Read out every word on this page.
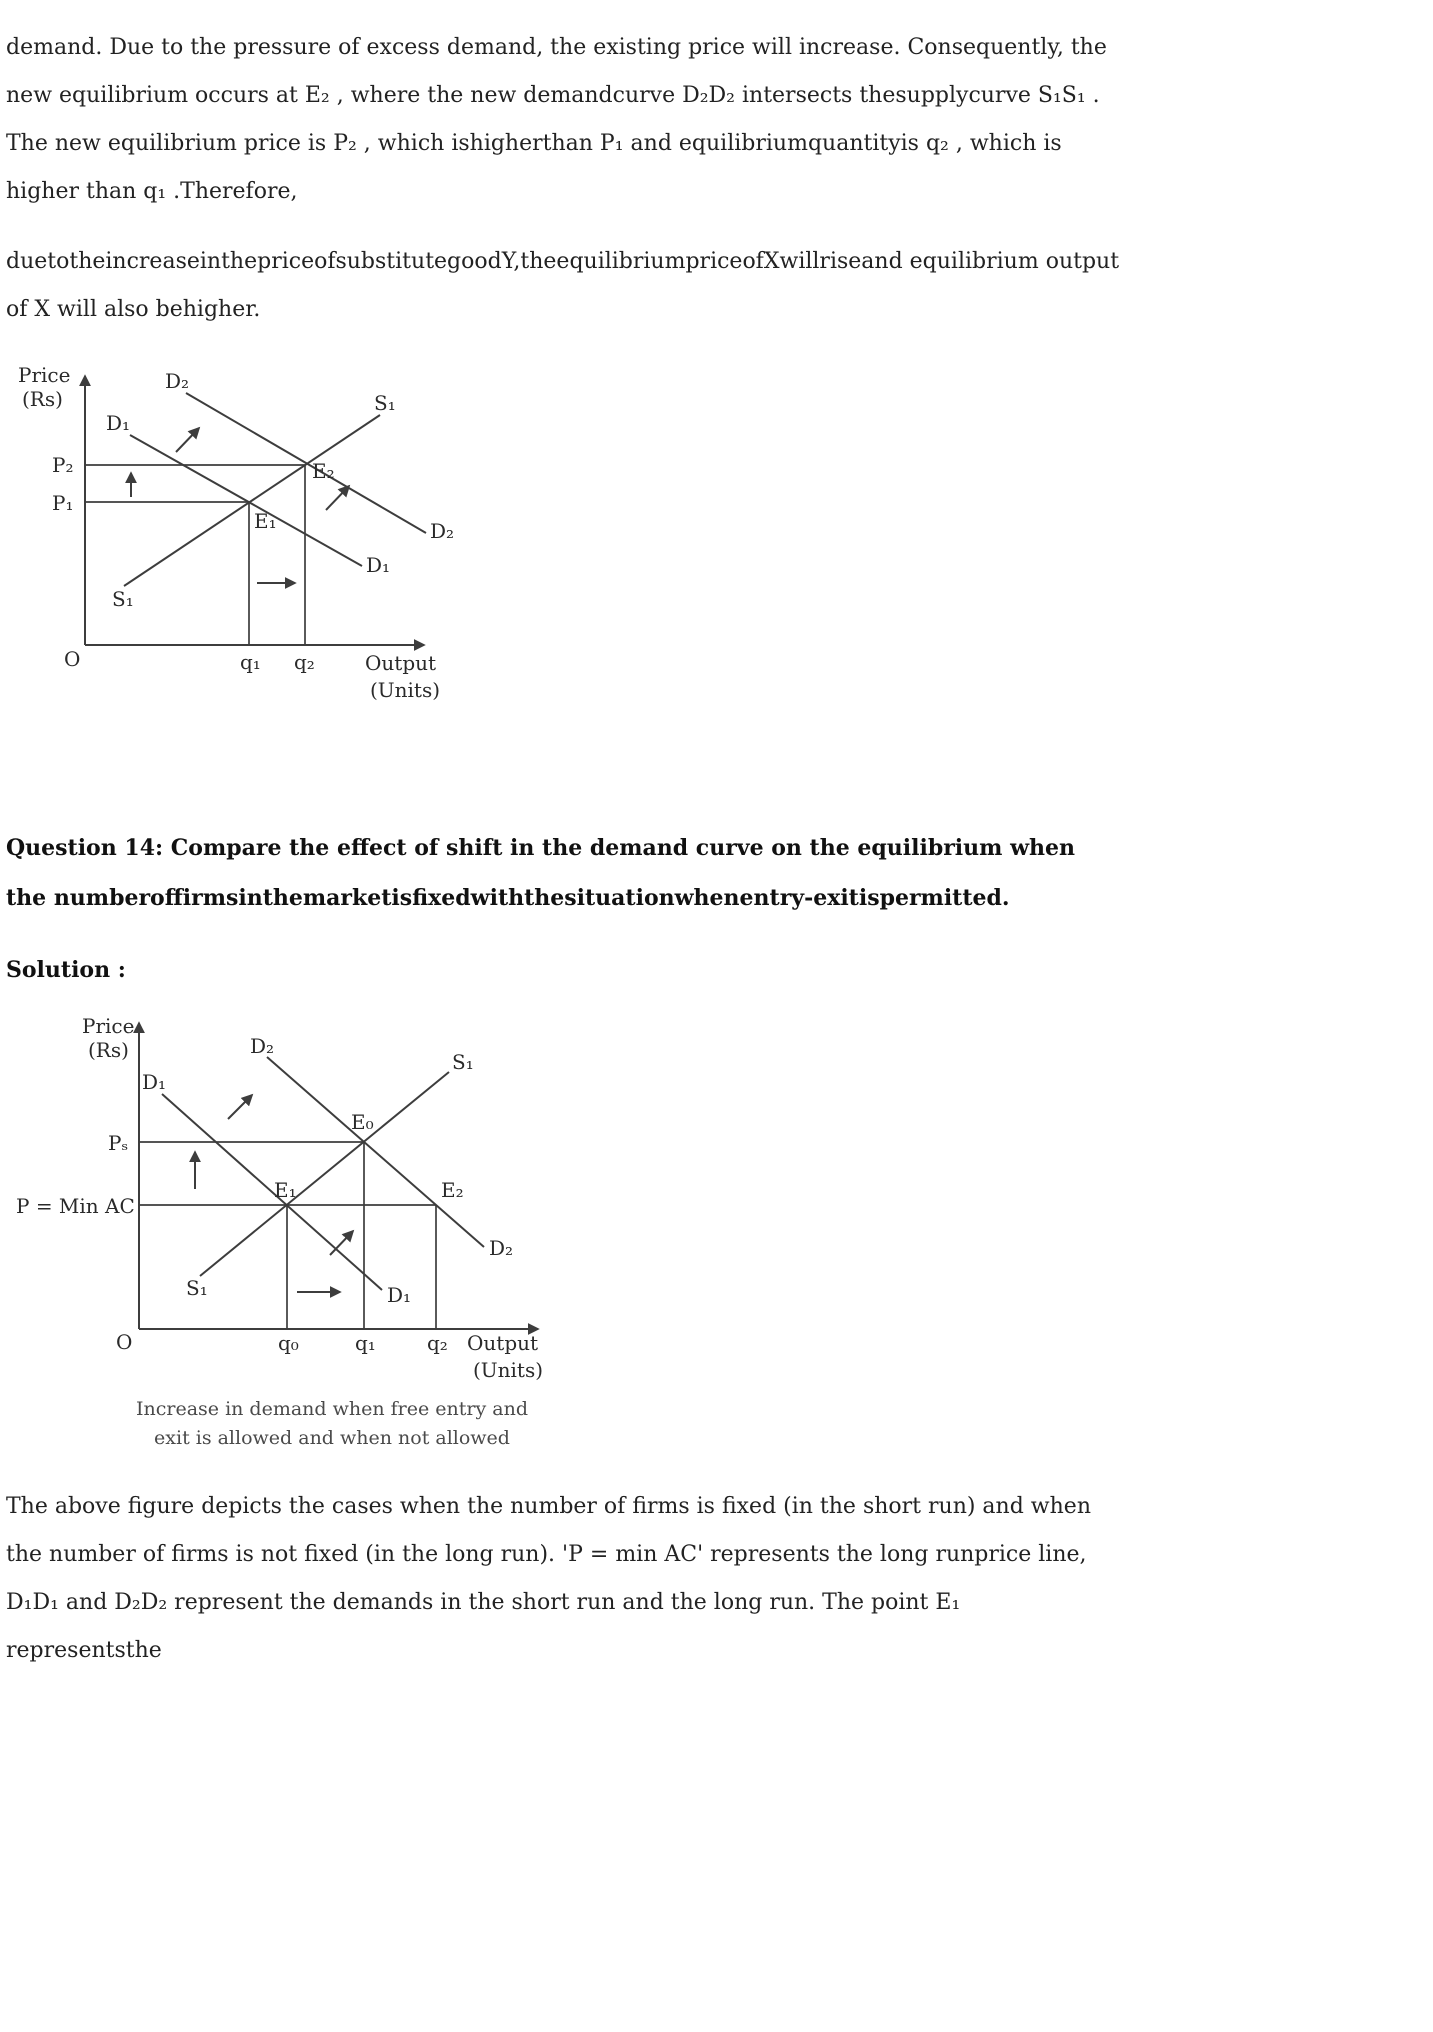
demand. Due to the pressure of excess demand, the existing price will increase. Consequently, the new equilibrium occurs at E₂ , where the new demandcurve D₂D₂ intersects thesupplycurve S₁S₁ . The new equilibrium price is P₂ , which ishigherthan P₁ and equilibriumquantityis q₂ , which is higher than q₁ .Therefore,

duetotheincreaseinthepriceofsubstitutegoodY,theequilibriumpriceofXwillriseand equilibrium output of X will also behigher.

Price
(Rs)
D₁
D₂
S₁
E₂
E₁	D₂
D₁
S₁
P₂
P₁
O	q₁ q₂	Output
(Units)

Question 14: Compare the effect of shift in the demand curve on the equilibrium when the numberoffirmsinthemarketisfixedwiththesituationwhenentry-exitispermitted.

Solution :

Price
(Rs)
D₁
D₂
S₁
E₀
E₁	E₂
Pₛ
P = Min AC
D₂
D₁
S₁
O	q₀	q₁	q₂ Output
(Units)
Increase in demand when free entry and
exit is allowed and when not allowed

The above figure depicts the cases when the number of firms is fixed (in the short run) and when the number of firms is not fixed (in the long run). 'P = min AC' represents the long runprice line, D₁D₁ and D₂D₂ represent the demands in the short run and the long run. The point E₁ representsthe
